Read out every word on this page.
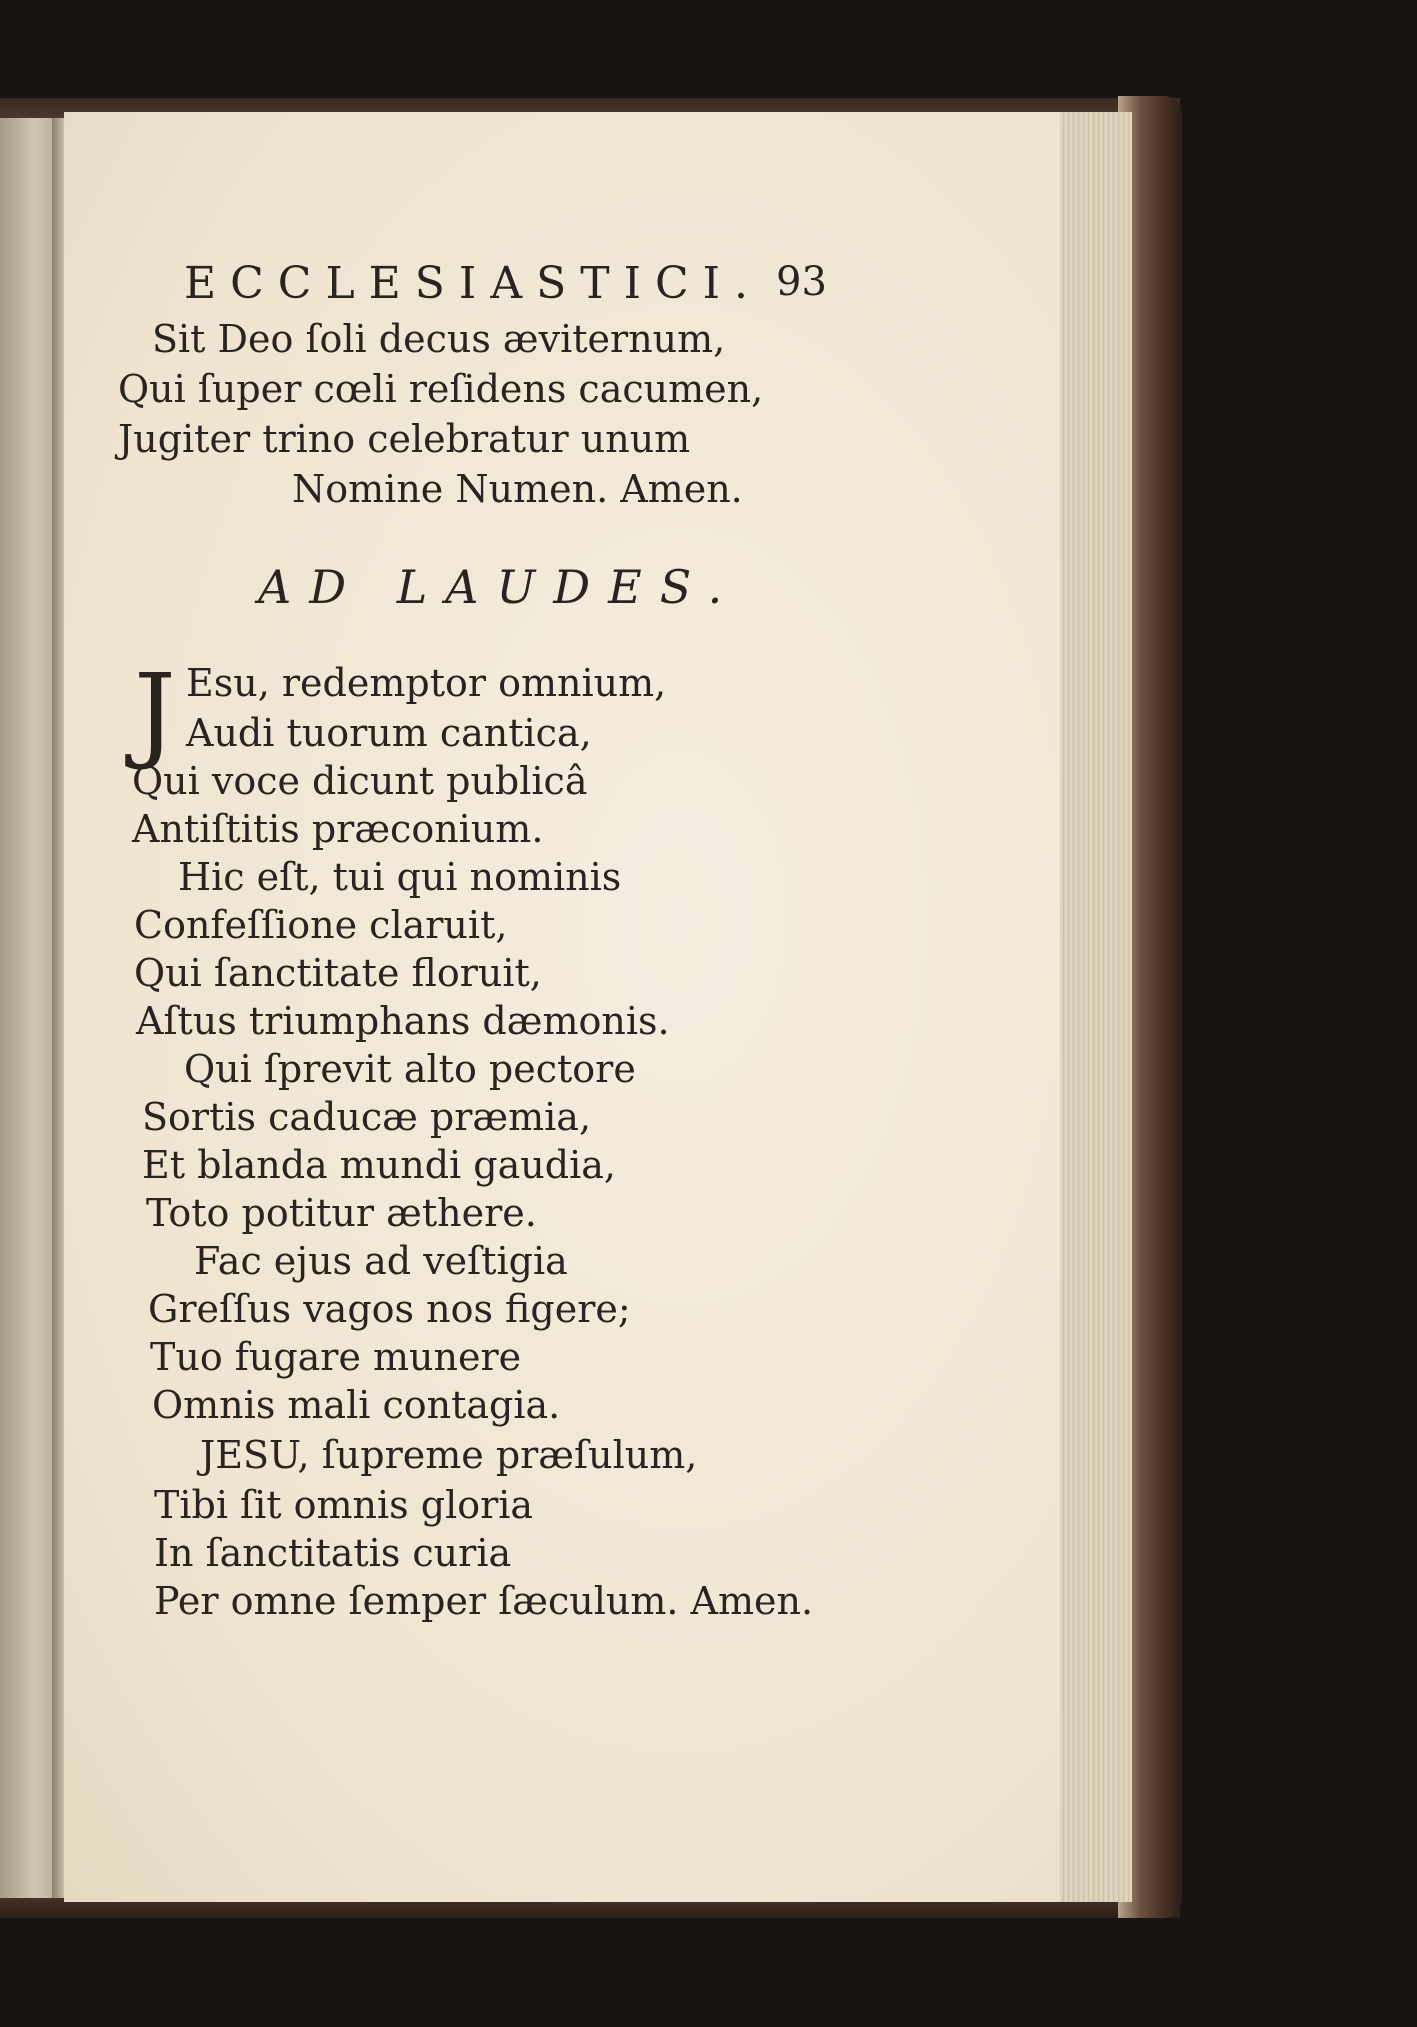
ECCLESIASTICI. 93
Sit Deo ſoli decus æviternum,
Qui ſuper cœli reſidens cacumen,
Jugiter trino celebratur unum
Nomine Numen. Amen.
AD LAUDES.
J Esu, redemptor omnium,
Audi tuorum cantica,
Qui voce dicunt publicâ
Antiſtitis præconium.
Hic eſt, tui qui nominis
Confeſſione claruit,
Qui ſanctitate floruit,
Aſtus triumphans dæmonis.
Qui ſprevit alto pectore
Sortis caducæ præmia,
Et blanda mundi gaudia,
Toto potitur æthere.
Fac ejus ad veſtigia
Greſſus vagos nos figere;
Tuo fugare munere
Omnis mali contagia.
JESU, ſupreme præſulum,
Tibi ſit omnis gloria
In ſanctitatis curia
Per omne ſemper ſæculum. Amen.
